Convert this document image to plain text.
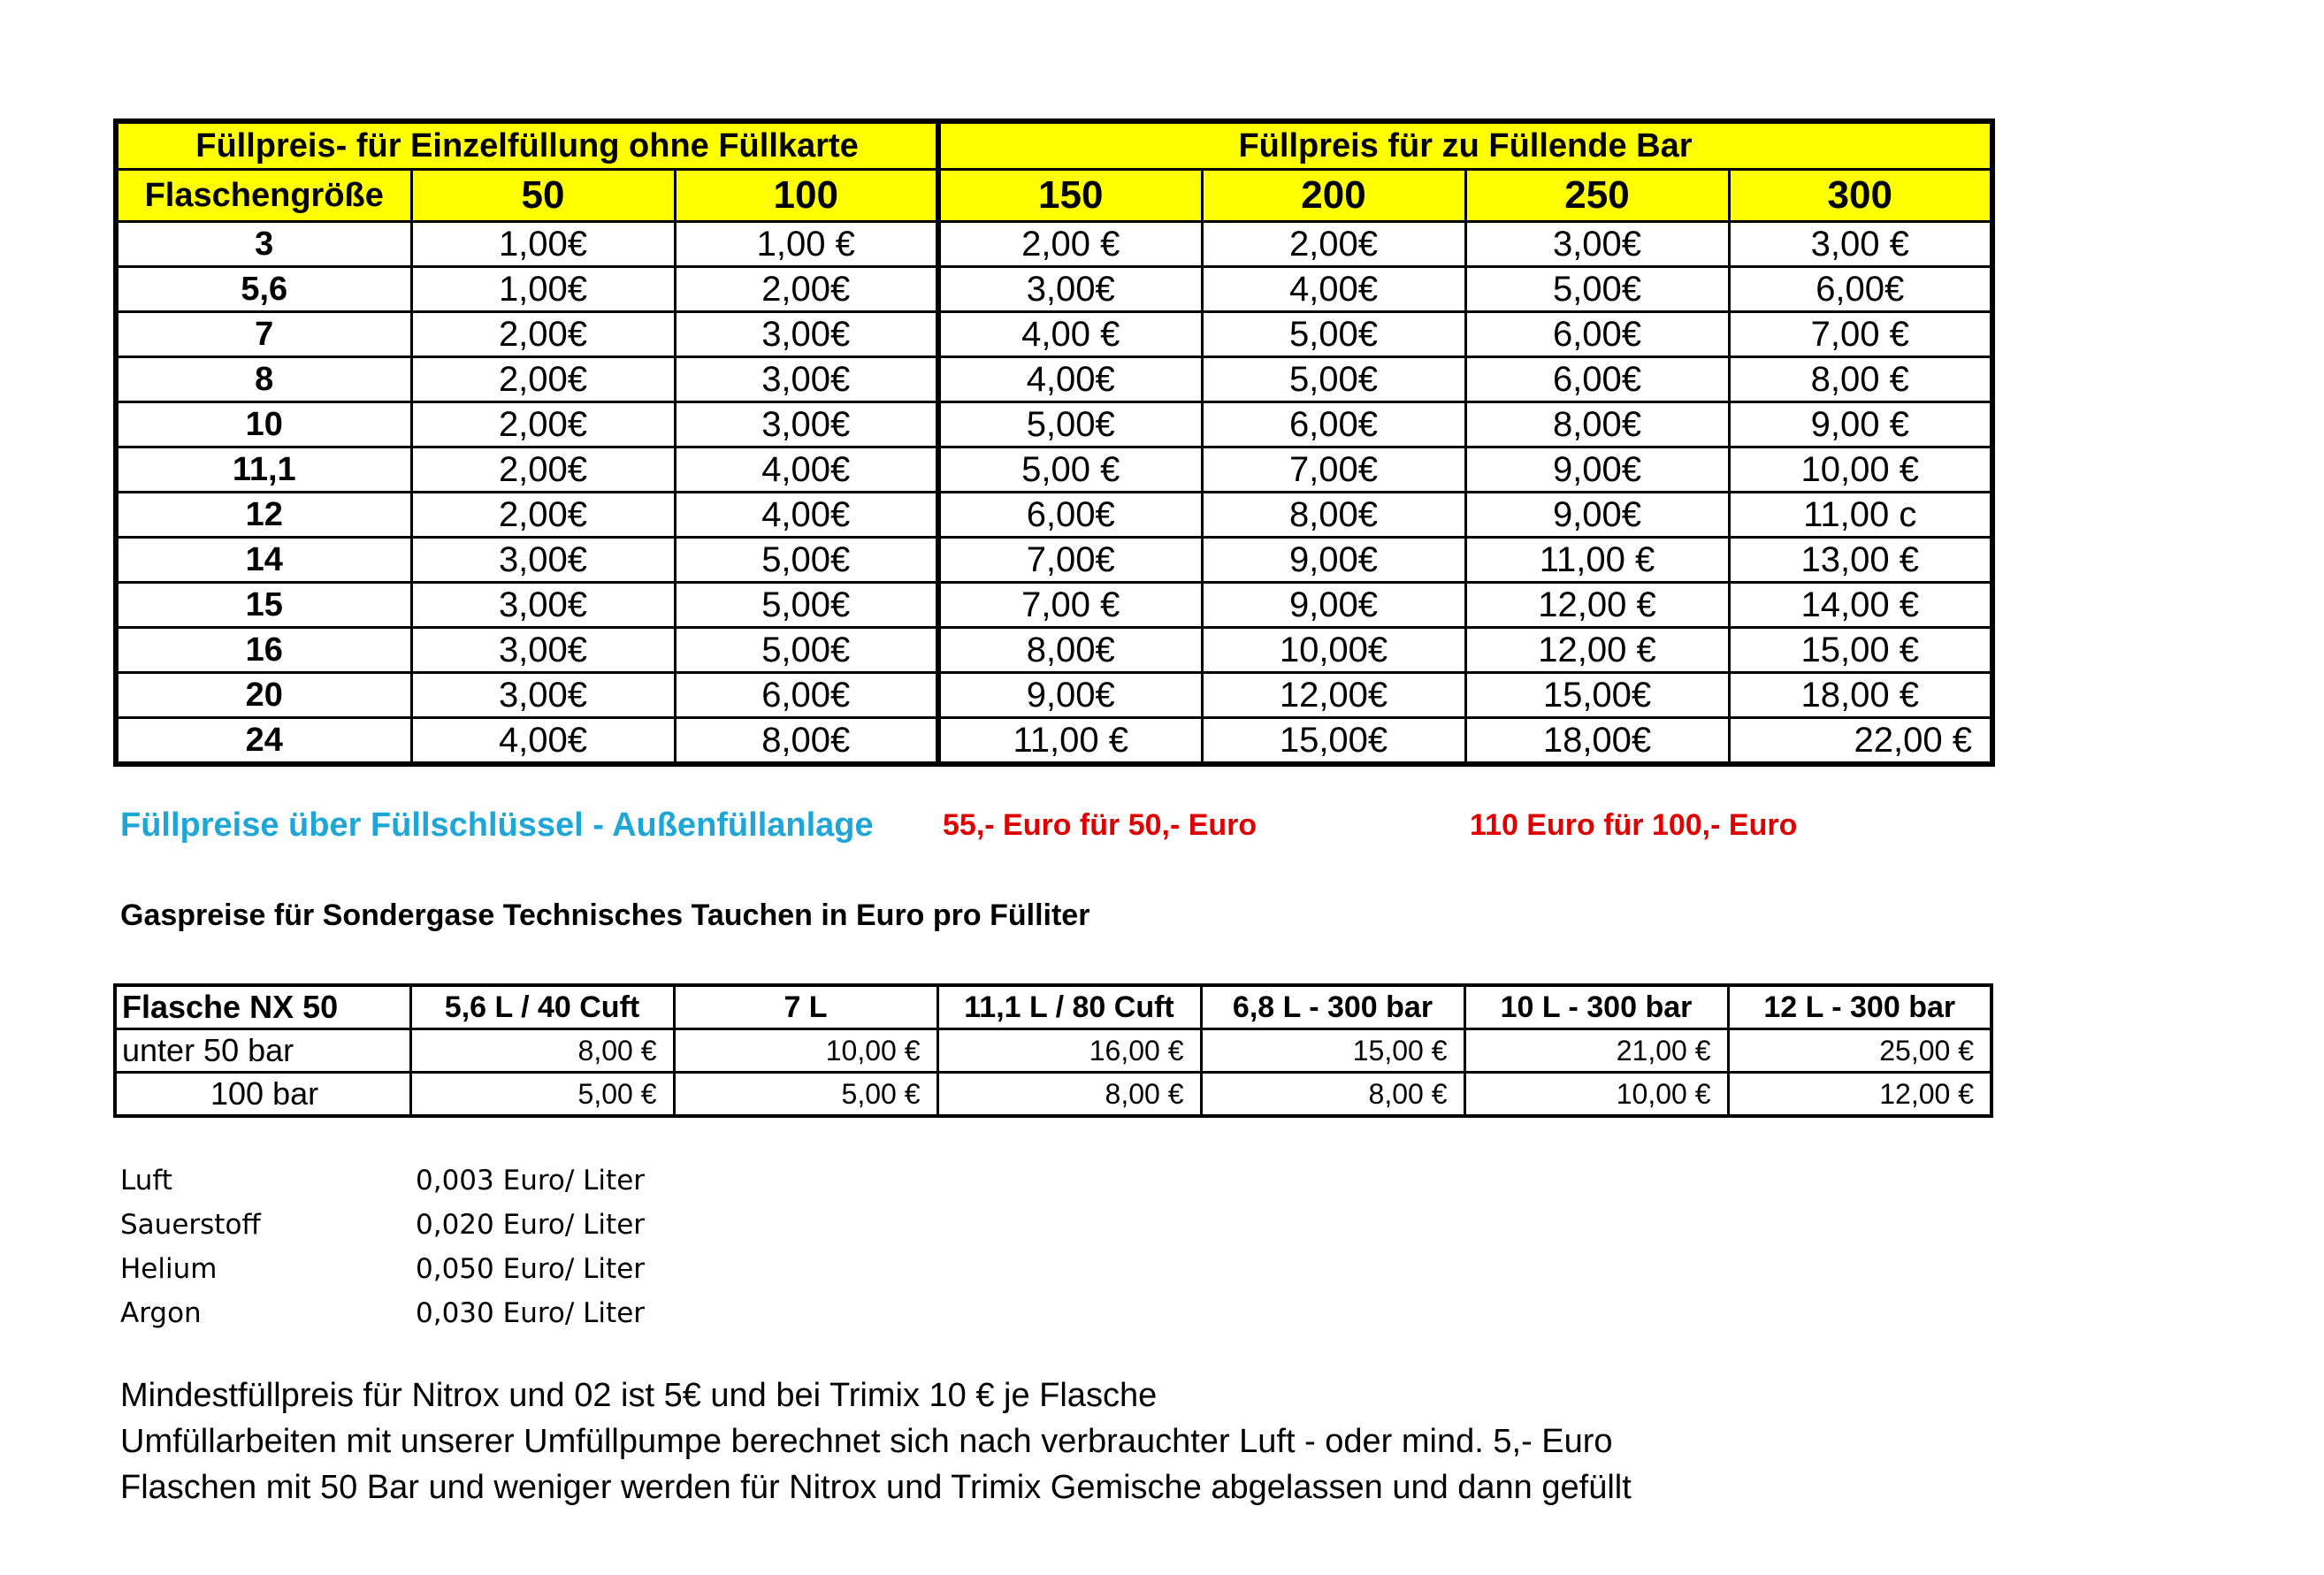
Füllpreis- für Einzelfüllung ohne Füllkarte			Füllpreis für zu Füllende Bar			
Flaschengröße	50	100	150	200	250	300
3	1,00€	1,00 €	2,00 €	2,00€	3,00€	3,00 €
5,6	1,00€	2,00€	3,00€	4,00€	5,00€	6,00€
7	2,00€	3,00€	4,00 €	5,00€	6,00€	7,00 €
8	2,00€	3,00€	4,00€	5,00€	6,00€	8,00 €
10	2,00€	3,00€	5,00€	6,00€	8,00€	9,00 €
11,1	2,00€	4,00€	5,00 €	7,00€	9,00€	10,00 €
12	2,00€	4,00€	6,00€	8,00€	9,00€	11,00 c
14	3,00€	5,00€	7,00€	9,00€	11,00 €	13,00 €
15	3,00€	5,00€	7,00 €	9,00€	12,00 €	14,00 €
16	3,00€	5,00€	8,00€	10,00€	12,00 €	15,00 €
20	3,00€	6,00€	9,00€	12,00€	15,00€	18,00 €
24	4,00€	8,00€	11,00 €	15,00€	18,00€	22,00 €
Füllpreise über Füllschlüssel - Außenfüllanlage 55,- Euro für 50,- Euro	110 Euro für 100,- Euro
Gaspreise für Sondergase Technisches Tauchen in Euro pro Fülliter
Flasche NX 50	5,6 L / 40 Cuft	7 L	11,1 L / 80 Cuft	6,8 L - 300 bar	10 L - 300 bar	12 L - 300 bar
unter 50 bar	8,00 €	10,00 €	16,00 €	15,00 €	21,00 €	25,00 €
100 bar	5,00 €	5,00 €	8,00 €	8,00 €	10,00 €	12,00 €
Luft	0,003 Euro/ Liter
Sauerstoff	0,020 Euro/ Liter
Helium	0,050 Euro/ Liter
Argon	0,030 Euro/ Liter
Mindestfüllpreis für Nitrox und 02 ist 5€ und bei Trimix 10 € je Flasche
Umfüllarbeiten mit unserer Umfüllpumpe berechnet sich nach verbrauchter Luft - oder mind. 5,- Euro
Flaschen mit 50 Bar und weniger werden für Nitrox und Trimix Gemische abgelassen und dann gefüllt
